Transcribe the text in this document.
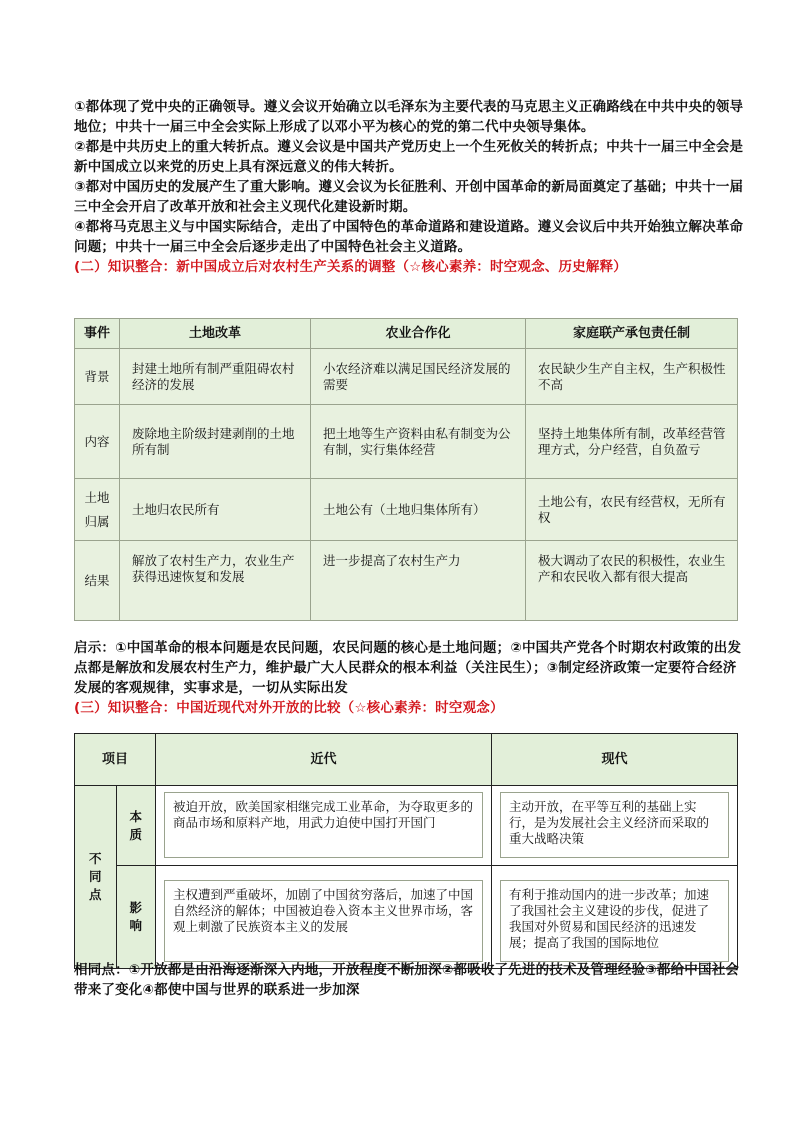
①都体现了党中央的正确领导。遵义会议开始确立以毛泽东为主要代表的马克思主义正确路线在中共中央的领导地位；中共十一届三中全会实际上形成了以邓小平为核心的党的第二代中央领导集体。

②都是中共历史上的重大转折点。遵义会议是中国共产党历史上一个生死攸关的转折点；中共十一届三中全会是新中国成立以来党的历史上具有深远意义的伟大转折。

③都对中国历史的发展产生了重大影响。遵义会议为长征胜利、开创中国革命的新局面奠定了基础；中共十一届三中全会开启了改革开放和社会主义现代化建设新时期。

④都将马克思主义与中国实际结合，走出了中国特色的革命道路和建设道路。遵义会议后中共开始独立解决革命问题；中共十一届三中全会后逐步走出了中国特色社会主义道路。

(二）知识整合：新中国成立后对农村生产关系的调整（☆核心素养：时空观念、历史解释）

事件	土地改革	农业合作化	家庭联产承包责任制
背景	封建土地所有制严重阻碍农村经济的发展	小农经济难以满足国民经济发展的需要	农民缺少生产自主权，生产积极性不高
内容	废除地主阶级封建剥削的土地所有制	把土地等生产资料由私有制变为公有制，实行集体经营	坚持土地集体所有制，改革经营管理方式，分户经营，自负盈亏

土地
归属	土地归农民所有	土地公有（土地归集体所有）	土地公有，农民有经营权，无所有权
结果	解放了农村生产力，农业生产获得迅速恢复和发展	进一步提高了农村生产力	极大调动了农民的积极性，农业生产和农民收入都有很大提高

启示：①中国革命的根本问题是农民问题，农民问题的核心是土地问题；②中国共产党各个时期农村政策的出发点都是解放和发展农村生产力，维护最广大人民群众的根本利益（关注民生）；③制定经济政策一定要符合经济发展的客观规律，实事求是，一切从实际出发

(三）知识整合：中国近现代对外开放的比较（☆核心素养：时空观念）

项目		近代	现代

不
同
点	本
质	被迫开放，欧美国家相继完成工业革命，为夺取更多的商品市场和原料产地，用武力迫使中国打开国门	主动开放，在平等互利的基础上实行，是为发展社会主义经济而采取的重大战略决策

	影
响	主权遭到严重破坏，加剧了中国贫穷落后，加速了中国自然经济的解体；中国被迫卷入资本主义世界市场，客观上刺激了民族资本主义的发展	有利于推动国内的进一步改革；加速了我国社会主义建设的步伐，促进了我国对外贸易和国民经济的迅速发展；提高了我国的国际地位

相同点：①开放都是由沿海逐渐深入内地，开放程度不断加深②都吸收了先进的技术及管理经验③都给中国社会带来了变化④都使中国与世界的联系进一步加深
